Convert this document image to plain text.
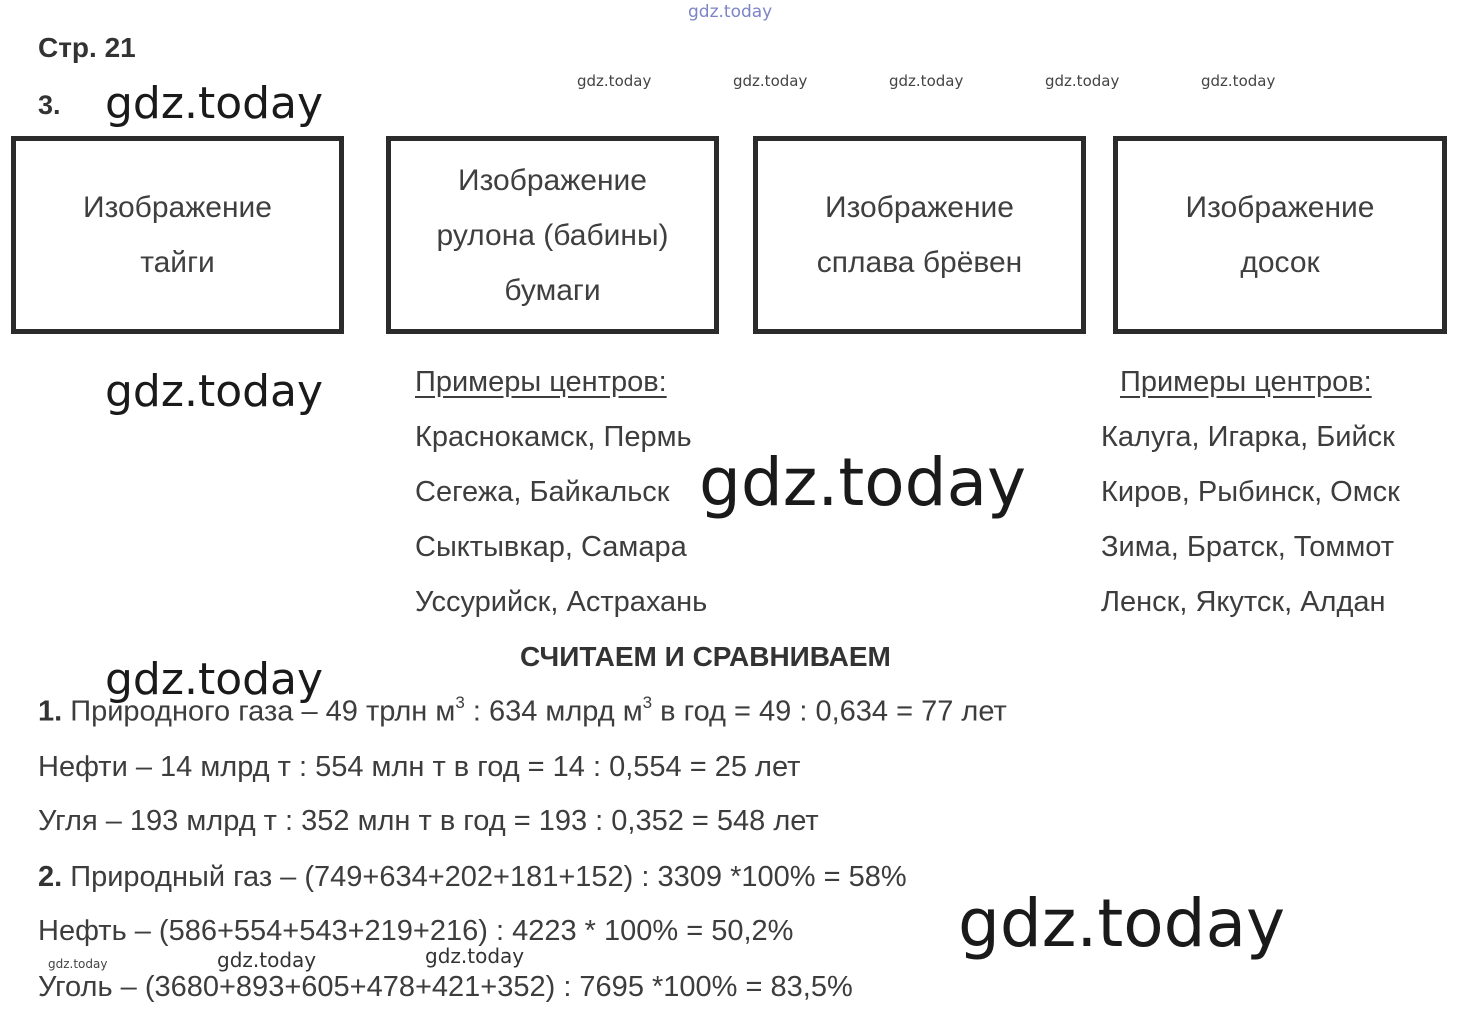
Стр. 21
3.
Изображение
тайги
Изображение
рулона (бабины)
бумаги
Изображение
сплава брёвен
Изображение
досок
Примеры центров:
Краснокамск, Пермь
Сегежа, Байкальск
Сыктывкар, Самара
Уссурийск, Астрахань
Примеры центров:
Калуга, Игарка, Бийск
Киров, Рыбинск, Омск
Зима, Братск, Томмот
Ленск, Якутск, Алдан
СЧИТАЕМ И СРАВНИВАЕМ
1. Природного газа – 49 трлн $м^3$ : 634 млрд $м^3$ в год = 49 : 0,634 = 77 лет
Нефти – 14 млрд т : 554 млн т в год = 14 : 0,554 = 25 лет
Угля – 193 млрд т : 352 млн т в год = 193 : 0,352 = 548 лет
2. Природный газ – (749+634+202+181+152) : 3309 *100% = 58%
Нефть – (586+554+543+219+216) : 4223 * 100% = 50,2%
Уголь – (3680+893+605+478+421+352) : 7695 *100% = 83,5%
gdz.today
gdz.today	gdz.today	gdz.today	gdz.today	gdz.today
gdz.today
gdz.today
gdz.today
gdz.today
gdz.today
gdz.today	gdz.today	gdz.today
